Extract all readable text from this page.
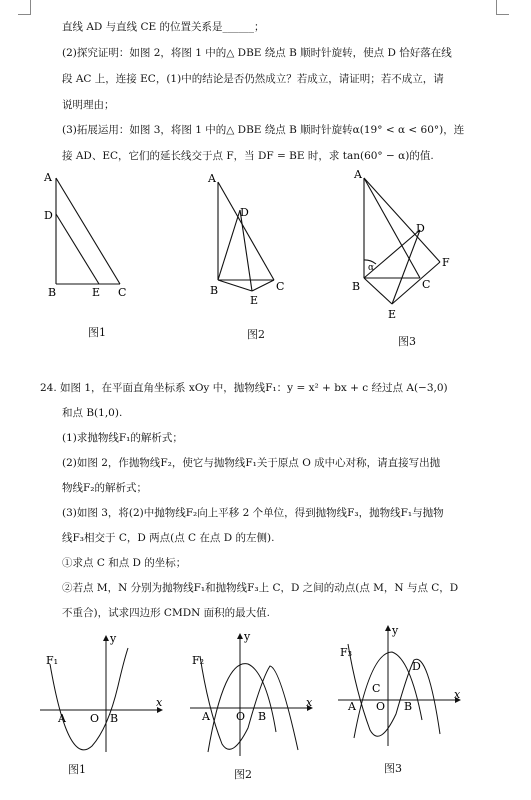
直线 AD 与直线 CE 的位置关系是______；
(2)探究证明：如图 2，将图 1 中的△ DBE 绕点 B 顺时针旋转，使点 D 恰好落在线
段 AC 上，连接 EC，(1)中的结论是否仍然成立？若成立，请证明；若不成立，请
说明理由；
(3)拓展运用：如图 3，将图 1 中的△ DBE 绕点 B 顺时针旋转α(19° < α < 60°)，连
接 AD、EC，它们的延长线交于点 F，当 DF = BE 时，求 tan(60° − α)的值.
A
D
B	E C
图1
A
D
B
E
C
图2
A
D
F
B	C
E
α
图3
24. 如图 1，在平面直角坐标系 xOy 中，抛物线F₁：y = x² + bx + c 经过点 A(−3,0)
和点 B(1,0).
(1)求抛物线F₁的解析式；
(2)如图 2，作抛物线F₂，使它与抛物线F₁关于原点 O 成中心对称，请直接写出抛
物线F₂的解析式；
(3)如图 3，将(2)中抛物线F₂向上平移 2 个单位，得到抛物线F₃，抛物线F₁与抛物
线F₃相交于 C，D 两点(点 C 在点 D 的左侧).
①求点 C 和点 D 的坐标；
②若点 M，N 分别为抛物线F₁和抛物线F₃上 C，D 之间的动点(点 M，N 与点 C，D
不重合)，试求四边形 CMDN 面积的最大值.
F₁
y
x
A O B
图1
F₂
y
x
A O B
图2
F₃
y
x
A O B
C
D
图3
